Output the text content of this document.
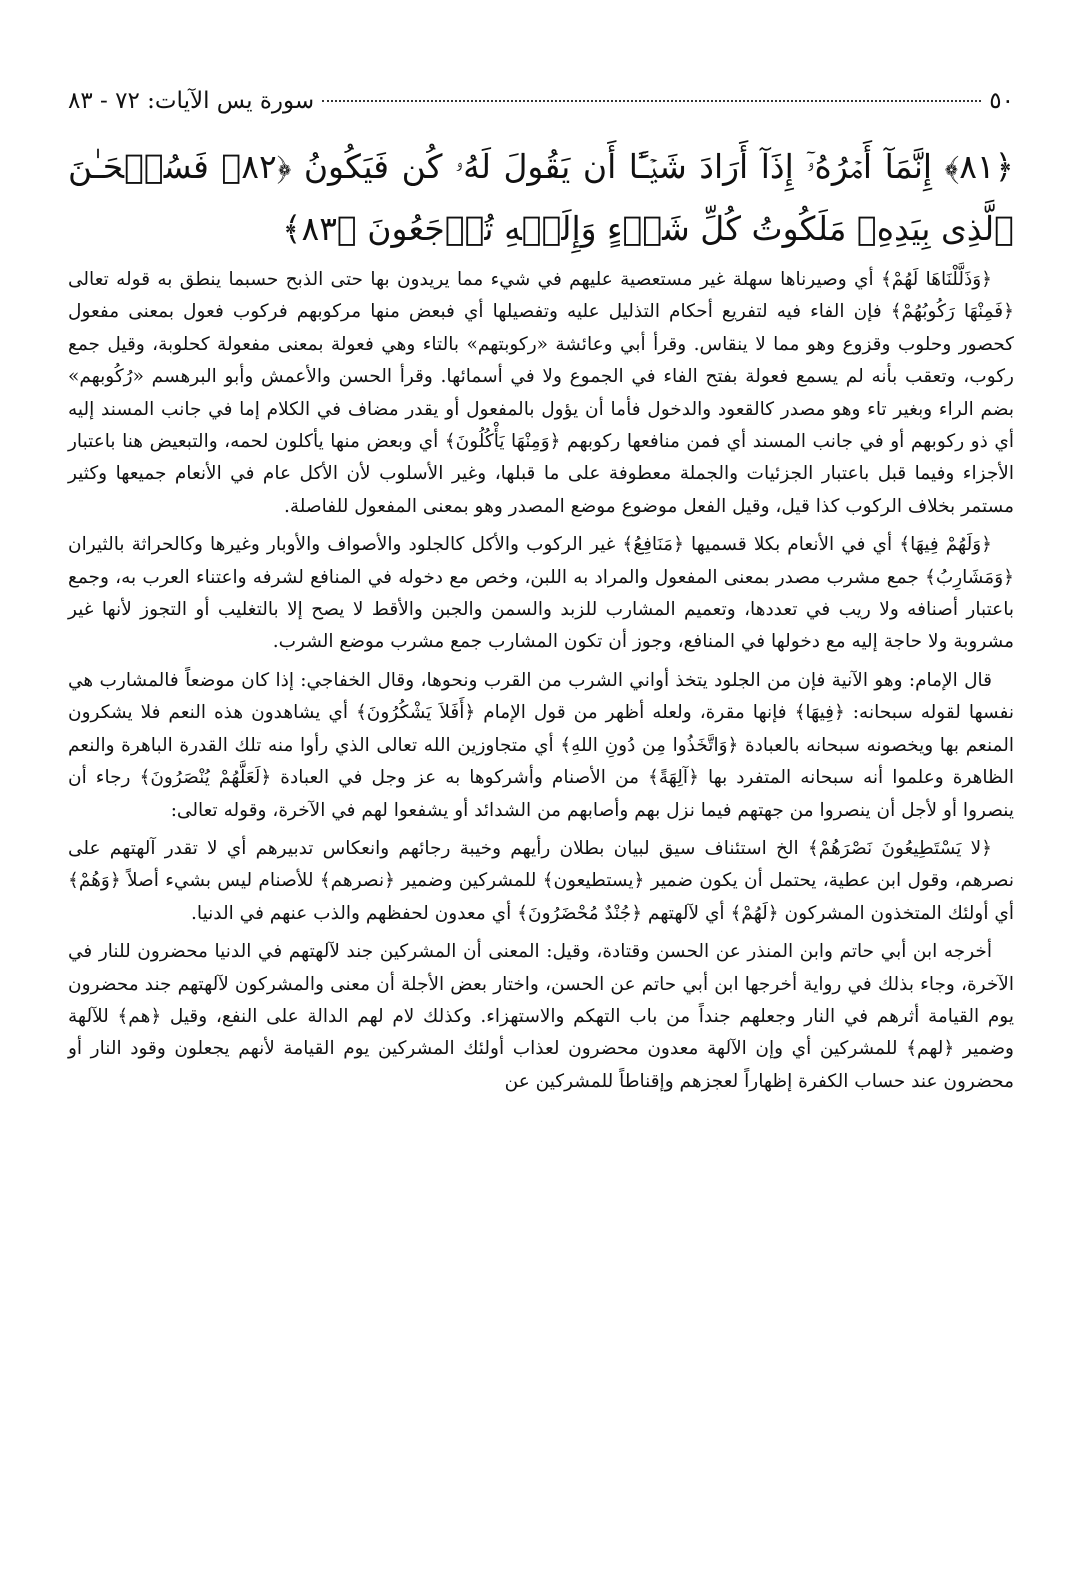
٥٠
سورة يس الآيات: ٧٢ - ٨٣
﴿٨١﴾ إِنَّمَآ أَمۡرُهُۥٓ إِذَآ أَرَادَ شَيۡـًٔا أَن يَقُولَ لَهُۥ كُن فَيَكُونُ ﴿٨٢﴾ فَسُبۡحَـٰنَ ٱلَّذِى بِيَدِهِۦ مَلَكُوتُ كُلِّ شَىۡءٍ وَإِلَيۡهِ تُرۡجَعُونَ ﴿٨٣﴾

﴿وَذَلَّلْنَاهَا لَهُمْ﴾ أي وصيرناها سهلة غير مستعصية عليهم في شيء مما يريدون بها حتى الذبح حسبما ينطق به قوله تعالى ﴿فَمِنْهَا رَكُوبُهُمْ﴾ فإن الفاء فيه لتفريع أحكام التذليل عليه وتفصيلها أي فبعض منها مركوبهم فركوب فعول بمعنى مفعول كحصور وحلوب وقزوع وهو مما لا ينقاس. وقرأ أبي وعائشة «ركوبتهم» بالتاء وهي فعولة بمعنى مفعولة كحلوبة، وقيل جمع ركوب، وتعقب بأنه لم يسمع فعولة بفتح الفاء في الجموع ولا في أسمائها. وقرأ الحسن والأعمش وأبو البرهسم «رُكُوبهم» بضم الراء وبغير تاء وهو مصدر كالقعود والدخول فأما أن يؤول بالمفعول أو يقدر مضاف في الكلام إما في جانب المسند إليه أي ذو ركوبهم أو في جانب المسند أي فمن منافعها ركوبهم ﴿وَمِنْهَا يَأْكُلُونَ﴾ أي وبعض منها يأكلون لحمه، والتبعيض هنا باعتبار الأجزاء وفيما قبل باعتبار الجزئيات والجملة معطوفة على ما قبلها، وغير الأسلوب لأن الأكل عام في الأنعام جميعها وكثير مستمر بخلاف الركوب كذا قيل، وقيل الفعل موضوع موضع المصدر وهو بمعنى المفعول للفاصلة.

﴿وَلَهُمْ فِيهَا﴾ أي في الأنعام بكلا قسميها ﴿مَنَافِعُ﴾ غير الركوب والأكل كالجلود والأصواف والأوبار وغيرها وكالحراثة بالثيران ﴿وَمَشَارِبُ﴾ جمع مشرب مصدر بمعنى المفعول والمراد به اللبن، وخص مع دخوله في المنافع لشرفه واعتناء العرب به، وجمع باعتبار أصنافه ولا ريب في تعددها، وتعميم المشارب للزبد والسمن والجبن والأقط لا يصح إلا بالتغليب أو التجوز لأنها غير مشروبة ولا حاجة إليه مع دخولها في المنافع، وجوز أن تكون المشارب جمع مشرب موضع الشرب.

قال الإمام: وهو الآنية فإن من الجلود يتخذ أواني الشرب من القرب ونحوها، وقال الخفاجي: إذا كان موضعاً فالمشارب هي نفسها لقوله سبحانه: ﴿فِيهَا﴾ فإنها مقرة، ولعله أظهر من قول الإمام ﴿أَفَلاَ يَشْكُرُونَ﴾ أي يشاهدون هذه النعم فلا يشكرون المنعم بها ويخصونه سبحانه بالعبادة ﴿وَاتَّخَذُوا مِن دُونِ اللهِ﴾ أي متجاوزين الله تعالى الذي رأوا منه تلك القدرة الباهرة والنعم الظاهرة وعلموا أنه سبحانه المتفرد بها ﴿آلِهَةً﴾ من الأصنام وأشركوها به عز وجل في العبادة ﴿لَعَلَّهُمْ يُنْصَرُونَ﴾ رجاء أن ينصروا أو لأجل أن ينصروا من جهتهم فيما نزل بهم وأصابهم من الشدائد أو يشفعوا لهم في الآخرة، وقوله تعالى:

﴿لا يَسْتَطِيعُونَ نَصْرَهُمْ﴾ الخ استئناف سيق لبيان بطلان رأيهم وخيبة رجائهم وانعكاس تدبيرهم أي لا تقدر آلهتهم على نصرهم، وقول ابن عطية، يحتمل أن يكون ضمير ﴿يستطيعون﴾ للمشركين وضمير ﴿نصرهم﴾ للأصنام ليس بشيء أصلاً ﴿وَهُمْ﴾ أي أولئك المتخذون المشركون ﴿لَهُمْ﴾ أي لآلهتهم ﴿جُنْدٌ مُحْضَرُونَ﴾ أي معدون لحفظهم والذب عنهم في الدنيا.

أخرجه ابن أبي حاتم وابن المنذر عن الحسن وقتادة، وقيل: المعنى أن المشركين جند لآلهتهم في الدنيا محضرون للنار في الآخرة، وجاء بذلك في رواية أخرجها ابن أبي حاتم عن الحسن، واختار بعض الأجلة أن معنى والمشركون لآلهتهم جند محضرون يوم القيامة أثرهم في النار وجعلهم جنداً من باب التهكم والاستهزاء. وكذلك لام لهم الدالة على النفع، وقيل ﴿هم﴾ للآلهة وضمير ﴿لهم﴾ للمشركين أي وإن الآلهة معدون محضرون لعذاب أولئك المشركين يوم القيامة لأنهم يجعلون وقود النار أو محضرون عند حساب الكفرة إظهاراً لعجزهم وإقناطاً للمشركين عن
